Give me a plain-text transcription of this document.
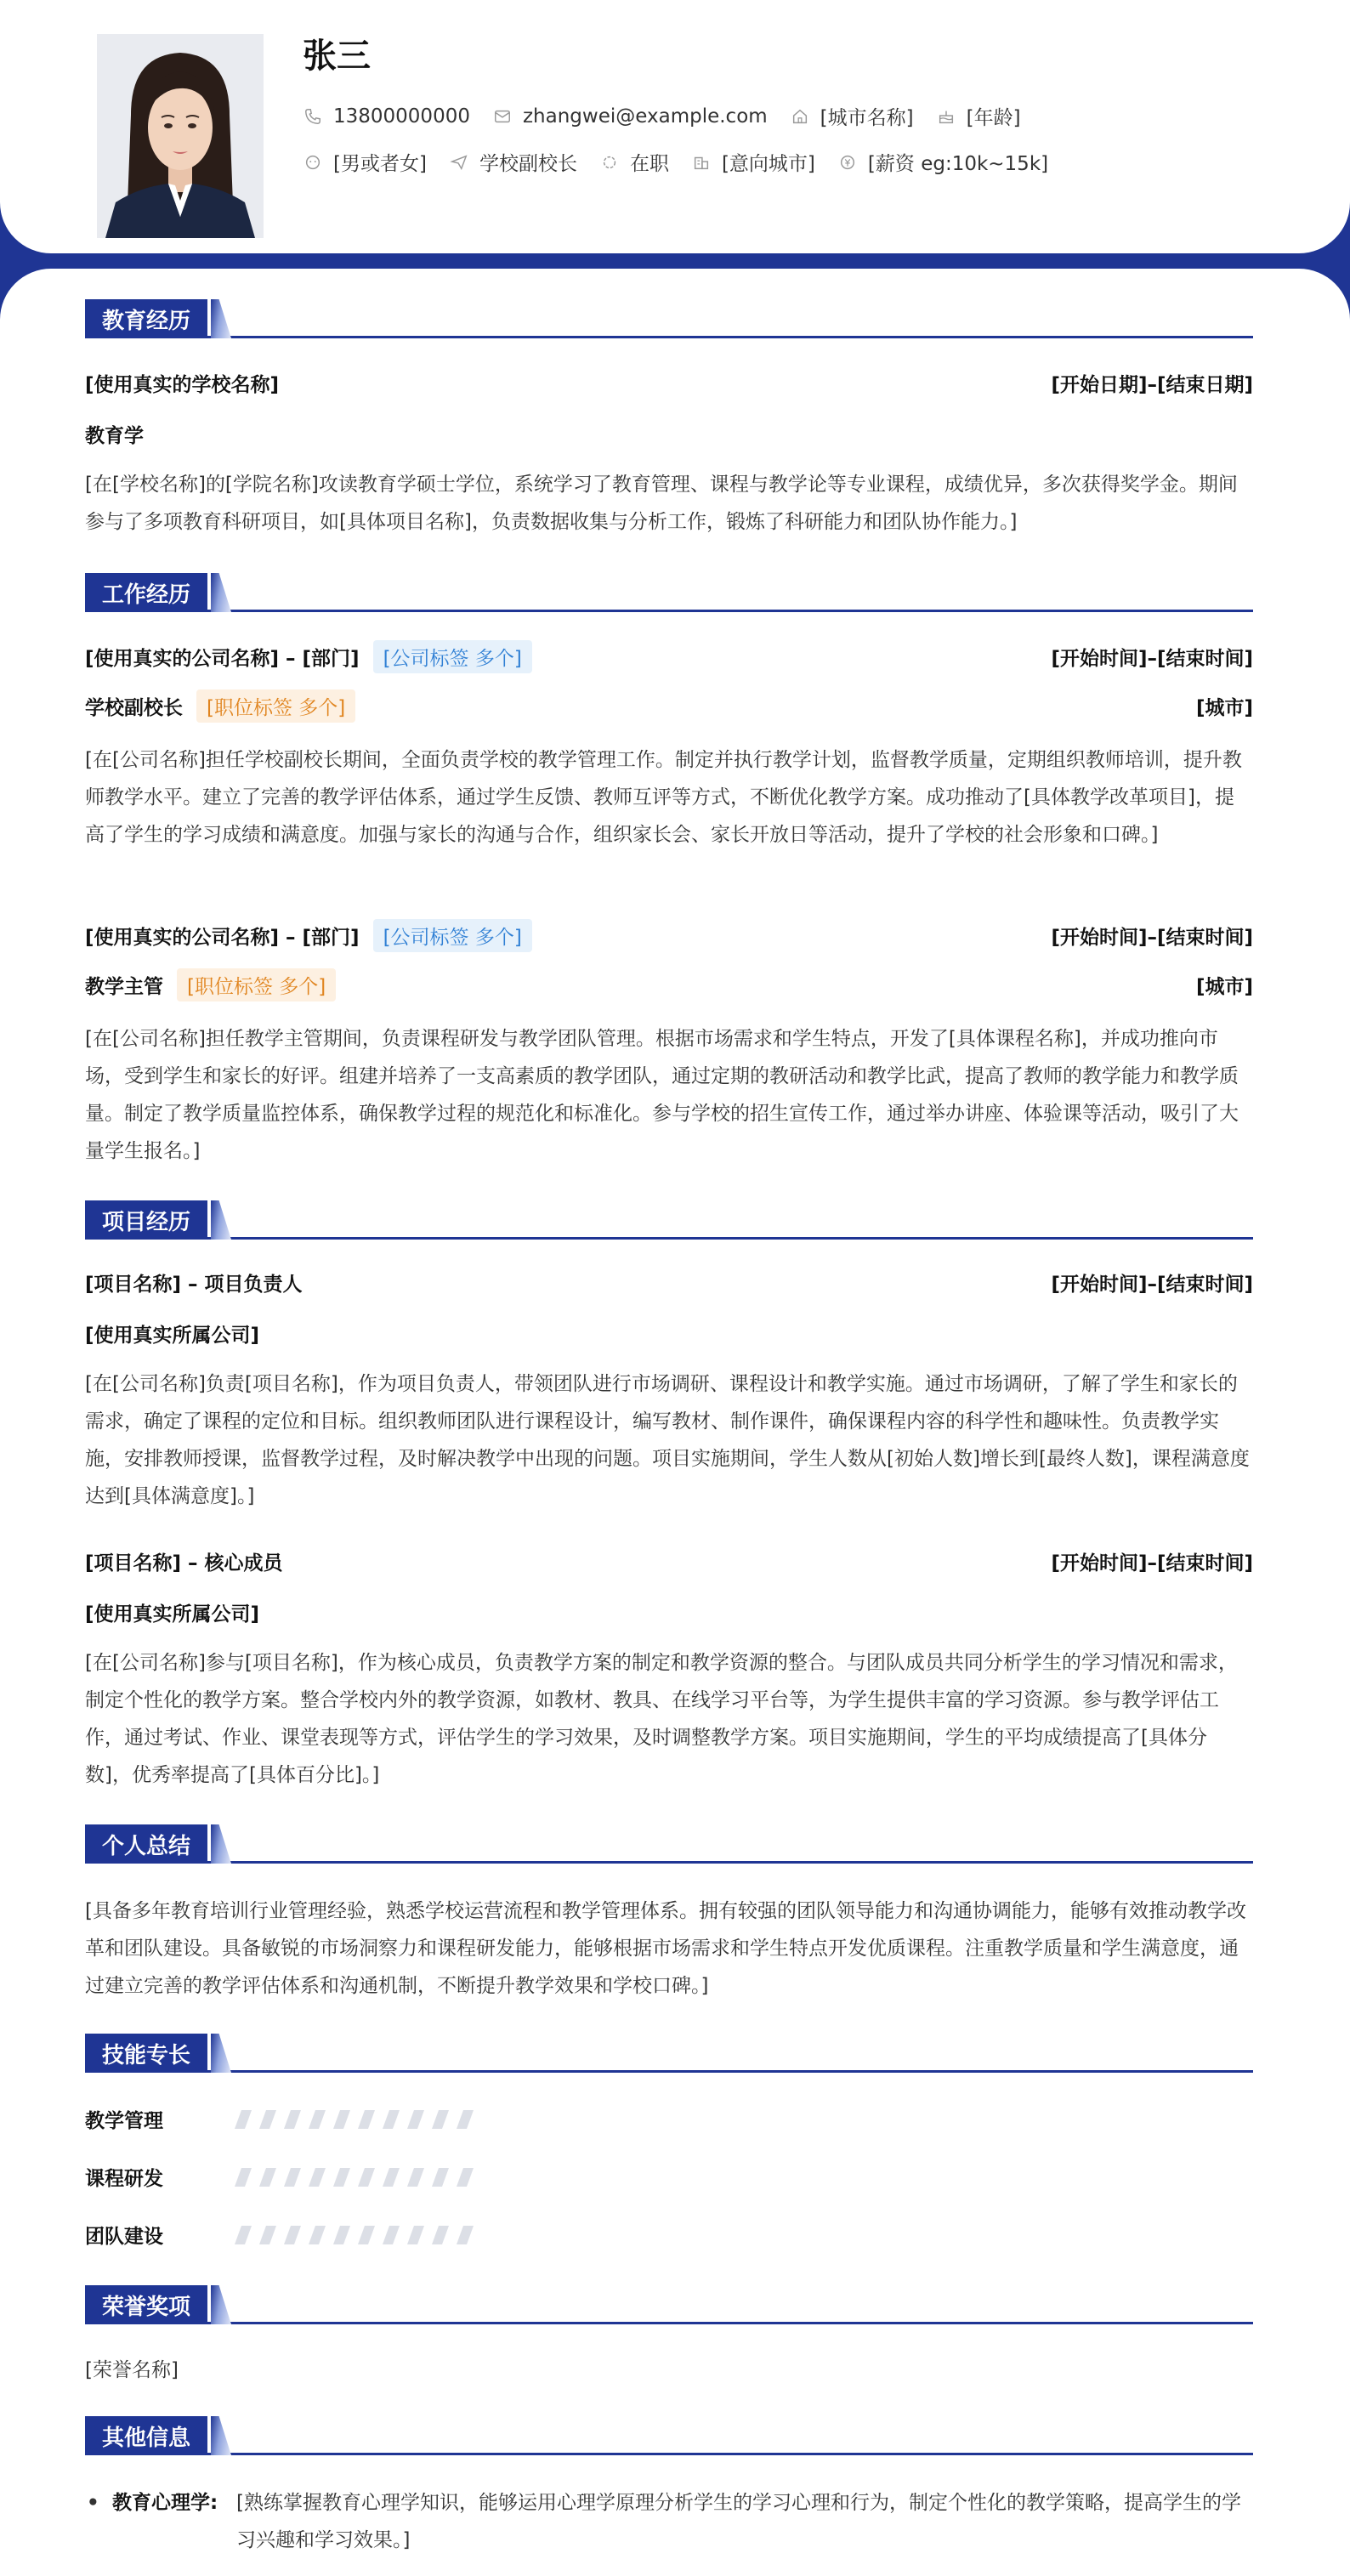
张三
13800000000	zhangwei@example.com	[城市名称]	[年龄]
[男或者女]	学校副校长	在职	[意向城市]	[薪资 eg:10k~15k]
教育经历
[使用真实的学校名称]	[开始日期]–[结束日期]
教育学
[在[学校名称]的[学院名称]攻读教育学硕士学位，系统学习了教育管理、课程与教学论等专业课程，成绩优异，多次获得奖学金。期间参与了多项教育科研项目，如[具体项目名称]，负责数据收集与分析工作，锻炼了科研能力和团队协作能力。]
工作经历
[使用真实的公司名称] – [部门]	[公司标签 多个]	[开始时间]–[结束时间]
学校副校长	[职位标签 多个]	[城市]
[在[公司名称]担任学校副校长期间，全面负责学校的教学管理工作。制定并执行教学计划，监督教学质量，定期组织教师培训，提升教师教学水平。建立了完善的教学评估体系，通过学生反馈、教师互评等方式，不断优化教学方案。成功推动了[具体教学改革项目]，提高了学生的学习成绩和满意度。加强与家长的沟通与合作，组织家长会、家长开放日等活动，提升了学校的社会形象和口碑。]
[使用真实的公司名称] – [部门]	[公司标签 多个]	[开始时间]–[结束时间]
教学主管	[职位标签 多个]	[城市]
[在[公司名称]担任教学主管期间，负责课程研发与教学团队管理。根据市场需求和学生特点，开发了[具体课程名称]，并成功推向市场，受到学生和家长的好评。组建并培养了一支高素质的教学团队，通过定期的教研活动和教学比武，提高了教师的教学能力和教学质量。制定了教学质量监控体系，确保教学过程的规范化和标准化。参与学校的招生宣传工作，通过举办讲座、体验课等活动，吸引了大量学生报名。]
项目经历
[项目名称] – 项目负责人	[开始时间]–[结束时间]
[使用真实所属公司]
[在[公司名称]负责[项目名称]，作为项目负责人，带领团队进行市场调研、课程设计和教学实施。通过市场调研，了解了学生和家长的需求，确定了课程的定位和目标。组织教师团队进行课程设计，编写教材、制作课件，确保课程内容的科学性和趣味性。负责教学实施，安排教师授课，监督教学过程，及时解决教学中出现的问题。项目实施期间，学生人数从[初始人数]增长到[最终人数]，课程满意度达到[具体满意度]。]
[项目名称] – 核心成员	[开始时间]–[结束时间]
[使用真实所属公司]
[在[公司名称]参与[项目名称]，作为核心成员，负责教学方案的制定和教学资源的整合。与团队成员共同分析学生的学习情况和需求，制定个性化的教学方案。整合学校内外的教学资源，如教材、教具、在线学习平台等，为学生提供丰富的学习资源。参与教学评估工作，通过考试、作业、课堂表现等方式，评估学生的学习效果，及时调整教学方案。项目实施期间，学生的平均成绩提高了[具体分数]，优秀率提高了[具体百分比]。]
个人总结
[具备多年教育培训行业管理经验，熟悉学校运营流程和教学管理体系。拥有较强的团队领导能力和沟通协调能力，能够有效推动教学改革和团队建设。具备敏锐的市场洞察力和课程研发能力，能够根据市场需求和学生特点开发优质课程。注重教学质量和学生满意度，通过建立完善的教学评估体系和沟通机制，不断提升教学效果和学校口碑。]
技能专长
教学管理
课程研发
团队建设
荣誉奖项
[荣誉名称]
其他信息
• 教育心理学: [熟练掌握教育心理学知识，能够运用心理学原理分析学生的学习心理和行为，制定个性化的教学策略，提高学生的学习兴趣和学习效果。]
